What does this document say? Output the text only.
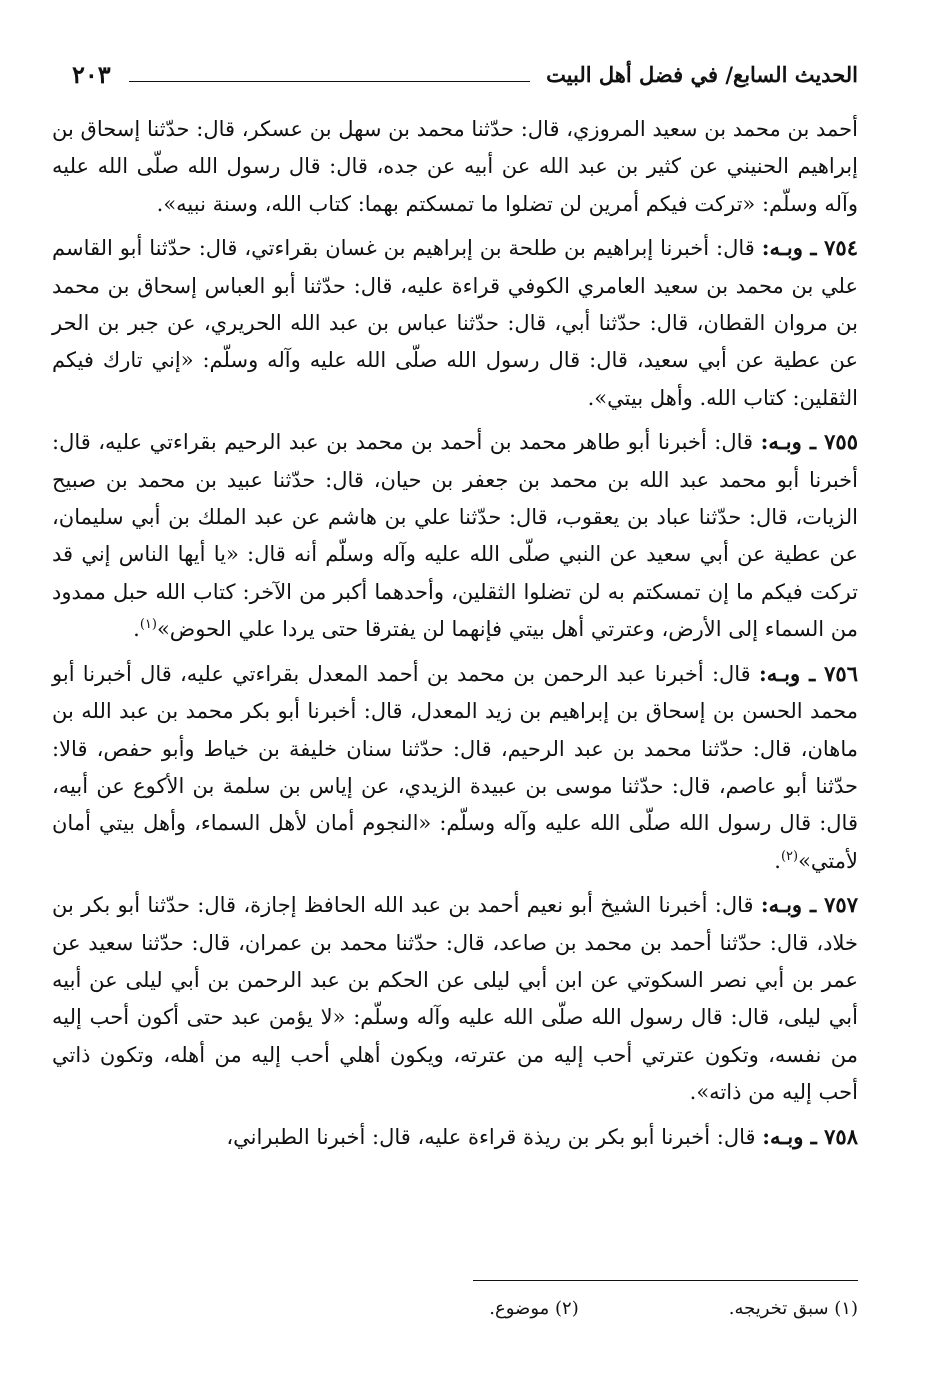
الحديث السابع/ في فضل أهل البيت
٢٠٣

أحمد بن محمد بن سعيد المروزي، قال: حدّثنا محمد بن سهل بن عسكر، قال: حدّثنا إسحاق بن إبراهيم الحنيني عن كثير بن عبد الله عن أبيه عن جده، قال: قال رسول الله صلّى الله عليه وآله وسلّم: «تركت فيكم أمرين لن تضلوا ما تمسكتم بهما: كتاب الله، وسنة نبيه».

٧٥٤ ـ وبـه: قال: أخبرنا إبراهيم بن طلحة بن إبراهيم بن غسان بقراءتي، قال: حدّثنا أبو القاسم علي بن محمد بن سعيد العامري الكوفي قراءة عليه، قال: حدّثنا أبو العباس إسحاق بن محمد بن مروان القطان، قال: حدّثنا أبي، قال: حدّثنا عباس بن عبد الله الحريري، عن جبر بن الحر عن عطية عن أبي سعيد، قال: قال رسول الله صلّى الله عليه وآله وسلّم: «إني تارك فيكم الثقلين: كتاب الله. وأهل بيتي».

٧٥٥ ـ وبـه: قال: أخبرنا أبو طاهر محمد بن أحمد بن محمد بن عبد الرحيم بقراءتي عليه، قال: أخبرنا أبو محمد عبد الله بن محمد بن جعفر بن حيان، قال: حدّثنا عبيد بن محمد بن صبيح الزيات، قال: حدّثنا عباد بن يعقوب، قال: حدّثنا علي بن هاشم عن عبد الملك بن أبي سليمان، عن عطية عن أبي سعيد عن النبي صلّى الله عليه وآله وسلّم أنه قال: «يا أيها الناس إني قد تركت فيكم ما إن تمسكتم به لن تضلوا الثقلين، وأحدهما أكبر من الآخر: كتاب الله حبل ممدود من السماء إلى الأرض، وعترتي أهل بيتي فإنهما لن يفترقا حتى يردا علي الحوض»$^{(١)}$.

٧٥٦ ـ وبـه: قال: أخبرنا عبد الرحمن بن محمد بن أحمد المعدل بقراءتي عليه، قال أخبرنا أبو محمد الحسن بن إسحاق بن إبراهيم بن زيد المعدل، قال: أخبرنا أبو بكر محمد بن عبد الله بن ماهان، قال: حدّثنا محمد بن عبد الرحيم، قال: حدّثنا سنان خليفة بن خياط وأبو حفص، قالا: حدّثنا أبو عاصم، قال: حدّثنا موسى بن عبيدة الزيدي، عن إياس بن سلمة بن الأكوع عن أبيه، قال: قال رسول الله صلّى الله عليه وآله وسلّم: «النجوم أمان لأهل السماء، وأهل بيتي أمان لأمتي»$^{(٢)}$.

٧٥٧ ـ وبـه: قال: أخبرنا الشيخ أبو نعيم أحمد بن عبد الله الحافظ إجازة، قال: حدّثنا أبو بكر بن خلاد، قال: حدّثنا أحمد بن محمد بن صاعد، قال: حدّثنا محمد بن عمران، قال: حدّثنا سعيد عن عمر بن أبي نصر السكوتي عن ابن أبي ليلى عن الحكم بن عبد الرحمن بن أبي ليلى عن أبيه أبي ليلى، قال: قال رسول الله صلّى الله عليه وآله وسلّم: «لا يؤمن عبد حتى أكون أحب إليه من نفسه، وتكون عترتي أحب إليه من عترته، ويكون أهلي أحب إليه من أهله، وتكون ذاتي أحب إليه من ذاته».

٧٥٨ ـ وبـه: قال: أخبرنا أبو بكر بن ريذة قراءة عليه، قال: أخبرنا الطبراني،

(١) سبق تخريجه.
(٢) موضوع.
